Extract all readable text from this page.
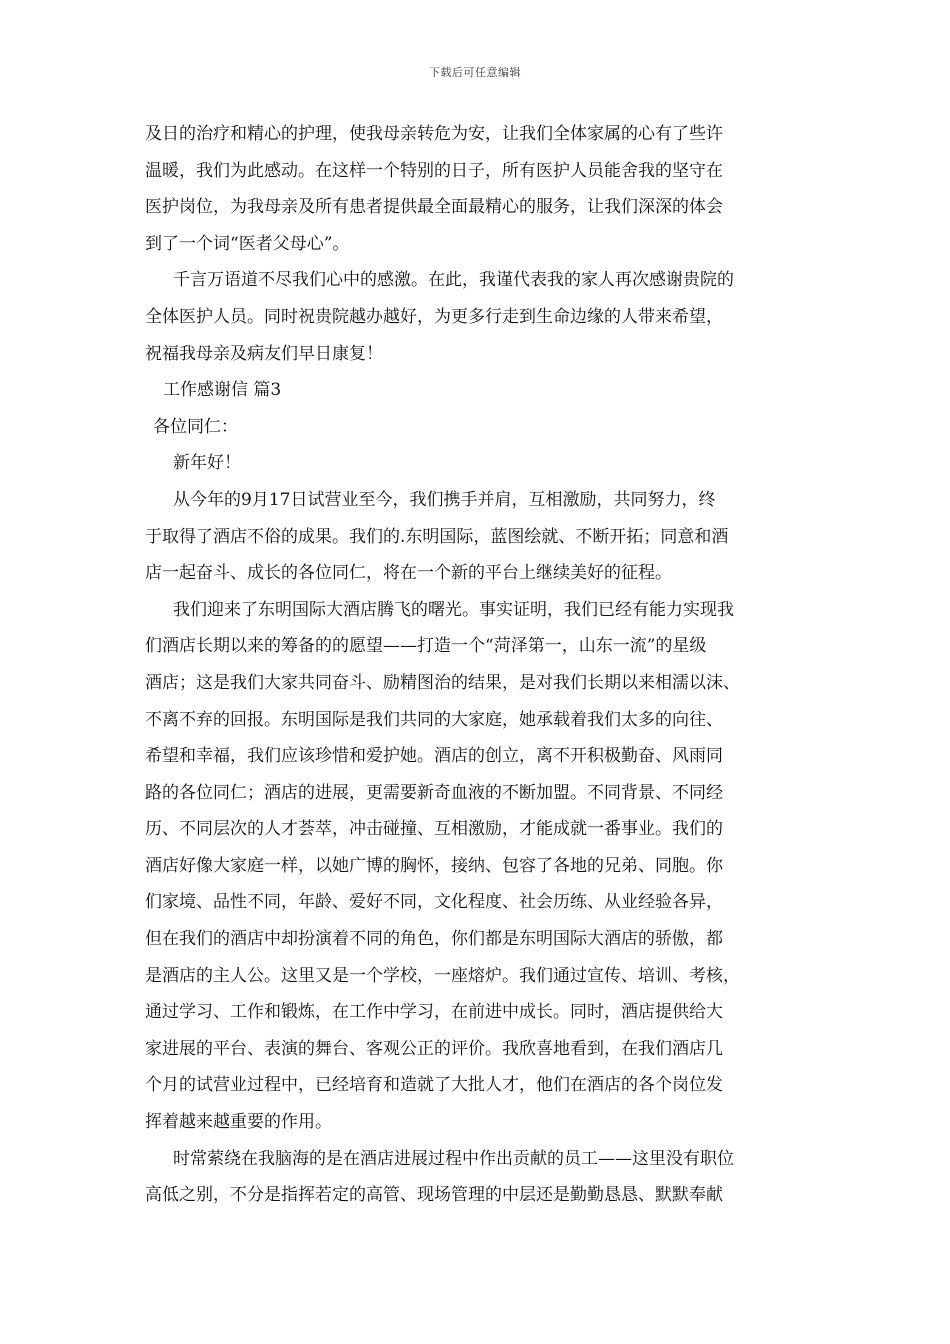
下载后可任意编辑
及日的治疗和精心的护理，使我母亲转危为安，让我们全体家属的心有了些许
温暖，我们为此感动。在这样一个特别的日子，所有医护人员能舍我的坚守在
医护岗位，为我母亲及所有患者提供最全面最精心的服务，让我们深深的体会
到了一个词“医者父母心”。
千言万语道不尽我们心中的感激。在此，我谨代表我的家人再次感谢贵院的
全体医护人员。同时祝贵院越办越好，为更多行走到生命边缘的人带来希望，
祝福我母亲及病友们早日康复！
工作感谢信 篇3
各位同仁：
新年好！
从今年的9月17日试营业至今，我们携手并肩，互相激励，共同努力，终
于取得了酒店不俗的成果。我们的.东明国际，蓝图绘就、不断开拓；同意和酒
店一起奋斗、成长的各位同仁，将在一个新的平台上继续美好的征程。
我们迎来了东明国际大酒店腾飞的曙光。事实证明，我们已经有能力实现我
们酒店长期以来的筹备的的愿望——打造一个“菏泽第一，山东一流”的星级
酒店；这是我们大家共同奋斗、励精图治的结果，是对我们长期以来相濡以沫、
不离不弃的回报。东明国际是我们共同的大家庭，她承载着我们太多的向往、
希望和幸福，我们应该珍惜和爱护她。酒店的创立，离不开积极勤奋、风雨同
路的各位同仁；酒店的进展，更需要新奇血液的不断加盟。不同背景、不同经
历、不同层次的人才荟萃，冲击碰撞、互相激励，才能成就一番事业。我们的
酒店好像大家庭一样，以她广博的胸怀，接纳、包容了各地的兄弟、同胞。你
们家境、品性不同，年龄、爱好不同，文化程度、社会历练、从业经验各异，
但在我们的酒店中却扮演着不同的角色，你们都是东明国际大酒店的骄傲，都
是酒店的主人公。这里又是一个学校，一座熔炉。我们通过宣传、培训、考核，
通过学习、工作和锻炼，在工作中学习，在前进中成长。同时，酒店提供给大
家进展的平台、表演的舞台、客观公正的评价。我欣喜地看到，在我们酒店几
个月的试营业过程中，已经培育和造就了大批人才，他们在酒店的各个岗位发
挥着越来越重要的作用。
时常萦绕在我脑海的是在酒店进展过程中作出贡献的员工——这里没有职位
高低之别，不分是指挥若定的高管、现场管理的中层还是勤勤恳恳、默默奉献
